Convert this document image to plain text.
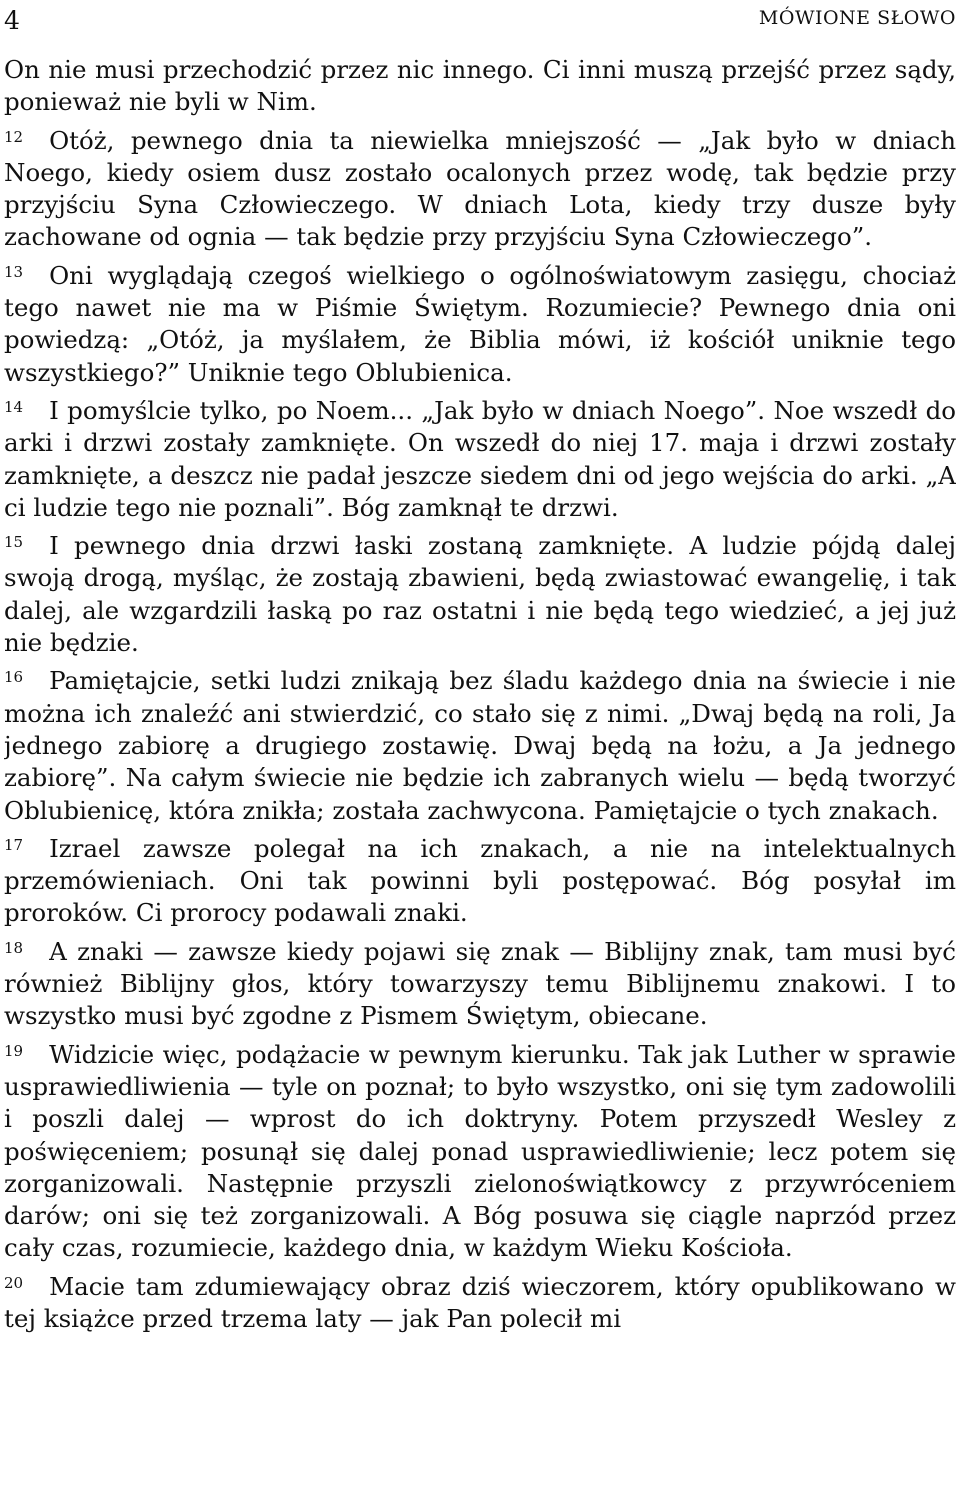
4	MÓWIONE SŁOWO

On nie musi przechodzić przez nic innego. Ci inni muszą przejść przez sądy, ponieważ nie byli w Nim.

$^{12}$ Otóż, pewnego dnia ta niewielka mniejszość — „Jak było w dniach Noego, kiedy osiem dusz zostało ocalonych przez wodę, tak będzie przy przyjściu Syna Człowieczego. W dniach Lota, kiedy trzy dusze były zachowane od ognia — tak będzie przy przyjściu Syna Człowieczego”.

$^{13}$ Oni wyglądają czegoś wielkiego o ogólnoświatowym zasięgu, chociaż tego nawet nie ma w Piśmie Świętym. Rozumiecie? Pewnego dnia oni powiedzą: „Otóż, ja myślałem, że Biblia mówi, iż kościół uniknie tego wszystkiego?” Uniknie tego Oblubienica.

$^{14}$ I pomyślcie tylko, po Noem... „Jak było w dniach Noego”. Noe wszedł do arki i drzwi zostały zamknięte. On wszedł do niej 17. maja i drzwi zostały zamknięte, a deszcz nie padał jeszcze siedem dni od jego wejścia do arki. „A ci ludzie tego nie poznali”. Bóg zamknął te drzwi.

$^{15}$ I pewnego dnia drzwi łaski zostaną zamknięte. A ludzie pójdą dalej swoją drogą, myśląc, że zostają zbawieni, będą zwiastować ewangelię, i tak dalej, ale wzgardzili łaską po raz ostatni i nie będą tego wiedzieć, a jej już nie będzie.

$^{16}$ Pamiętajcie, setki ludzi znikają bez śladu każdego dnia na świecie i nie można ich znaleźć ani stwierdzić, co stało się z nimi. „Dwaj będą na roli, Ja jednego zabiorę a drugiego zostawię. Dwaj będą na łożu, a Ja jednego zabiorę”. Na całym świecie nie będzie ich zabranych wielu — będą tworzyć Oblubienicę, która znikła; została zachwycona. Pamiętajcie o tych znakach.

$^{17}$ Izrael zawsze polegał na ich znakach, a nie na intelektualnych przemówieniach. Oni tak powinni byli postępować. Bóg posyłał im proroków. Ci prorocy podawali znaki.

$^{18}$ A znaki — zawsze kiedy pojawi się znak — Biblijny znak, tam musi być również Biblijny głos, który towarzyszy temu Biblijnemu znakowi. I to wszystko musi być zgodne z Pismem Świętym, obiecane.

$^{19}$ Widzicie więc, podążacie w pewnym kierunku. Tak jak Luther w sprawie usprawiedliwienia — tyle on poznał; to było wszystko, oni się tym zadowolili i poszli dalej — wprost do ich doktryny. Potem przyszedł Wesley z poświęceniem; posunął się dalej ponad usprawiedliwienie; lecz potem się zorganizowali. Następnie przyszli zielonoświątkowcy z przywróceniem darów; oni się też zorganizowali. A Bóg posuwa się ciągle naprzód przez cały czas, rozumiecie, każdego dnia, w każdym Wieku Kościoła.

$^{20}$ Macie tam zdumiewający obraz dziś wieczorem, który opublikowano w tej książce przed trzema laty — jak Pan polecił mi
